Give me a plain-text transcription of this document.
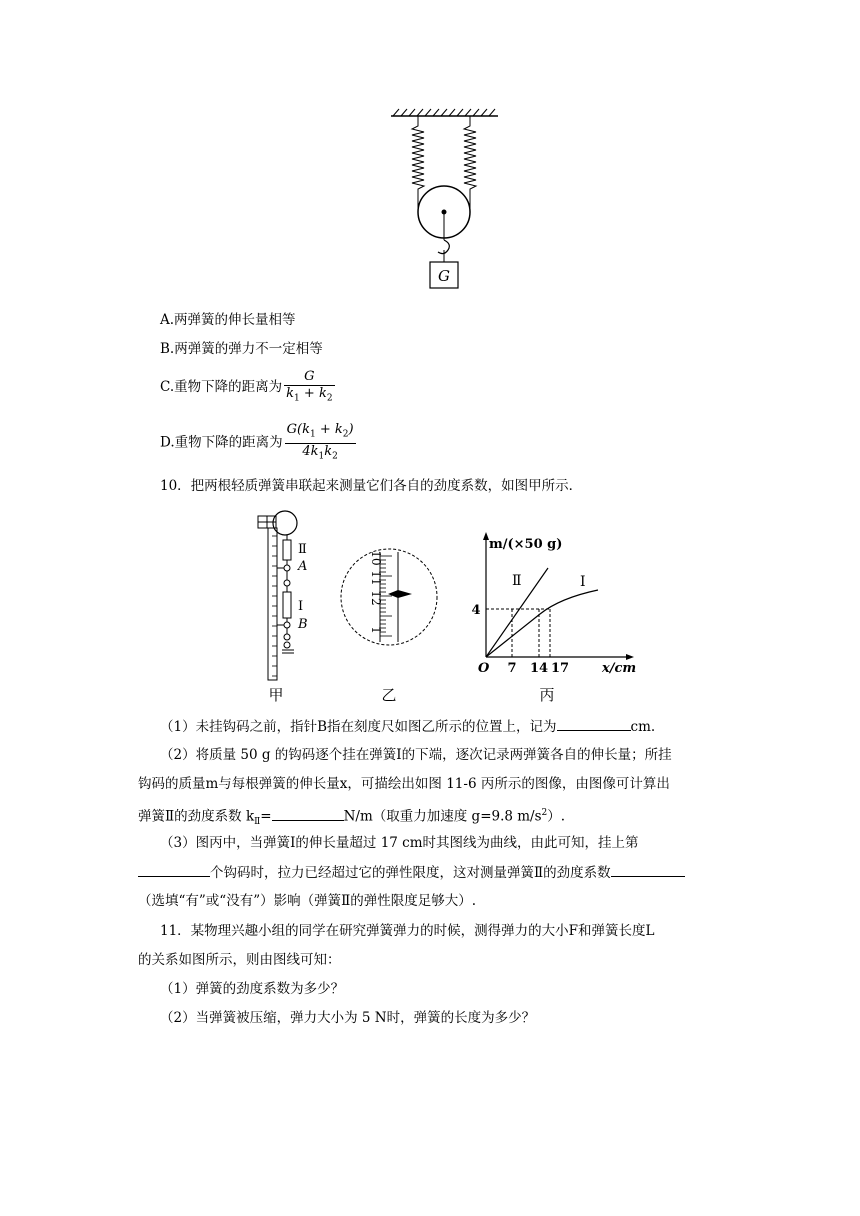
G
A.两弹簧的伸长量相等
B.两弹簧的弹力不一定相等
C.重物下降的距离为 $\frac{G}{k_1 + k_2}$
D.重物下降的距离为 $\frac{G(k_1 + k_2)}{4k_1k_2}$
10．把两根轻质弹簧串联起来测量它们各自的劲度系数，如图甲所示．
Ⅱ
A
Ⅰ
B
甲
10
11
12
1
乙
m/(×50 g)
x/cm
O
Ⅱ	Ⅰ
4
7 14 17
丙
（1）未挂钩码之前，指针B指在刻度尺如图乙所示的位置上，记为	cm.
（2）将质量 50 g 的钩码逐个挂在弹簧Ⅰ的下端，逐次记录两弹簧各自的伸长量；所挂
钩码的质量m与每根弹簧的伸长量x，可描绘出如图 11-6 丙所示的图像，由图像可计算出
弹簧Ⅱ的劲度系数 $k_Ⅱ=$	N/m（取重力加速度 g=9.8 $m/s^2$）.
（3）图丙中，当弹簧Ⅰ的伸长量超过 17 cm时其图线为曲线，由此可知，挂上第
个钩码时，拉力已经超过它的弹性限度，这对测量弹簧Ⅱ的劲度系数
（选填“有”或“没有”）影响（弹簧Ⅱ的弹性限度足够大）.
11．某物理兴趣小组的同学在研究弹簧弹力的时候，测得弹力的大小F和弹簧长度L
的关系如图所示，则由图线可知：
（1）弹簧的劲度系数为多少？
（2）当弹簧被压缩，弹力大小为 5 N时，弹簧的长度为多少？
